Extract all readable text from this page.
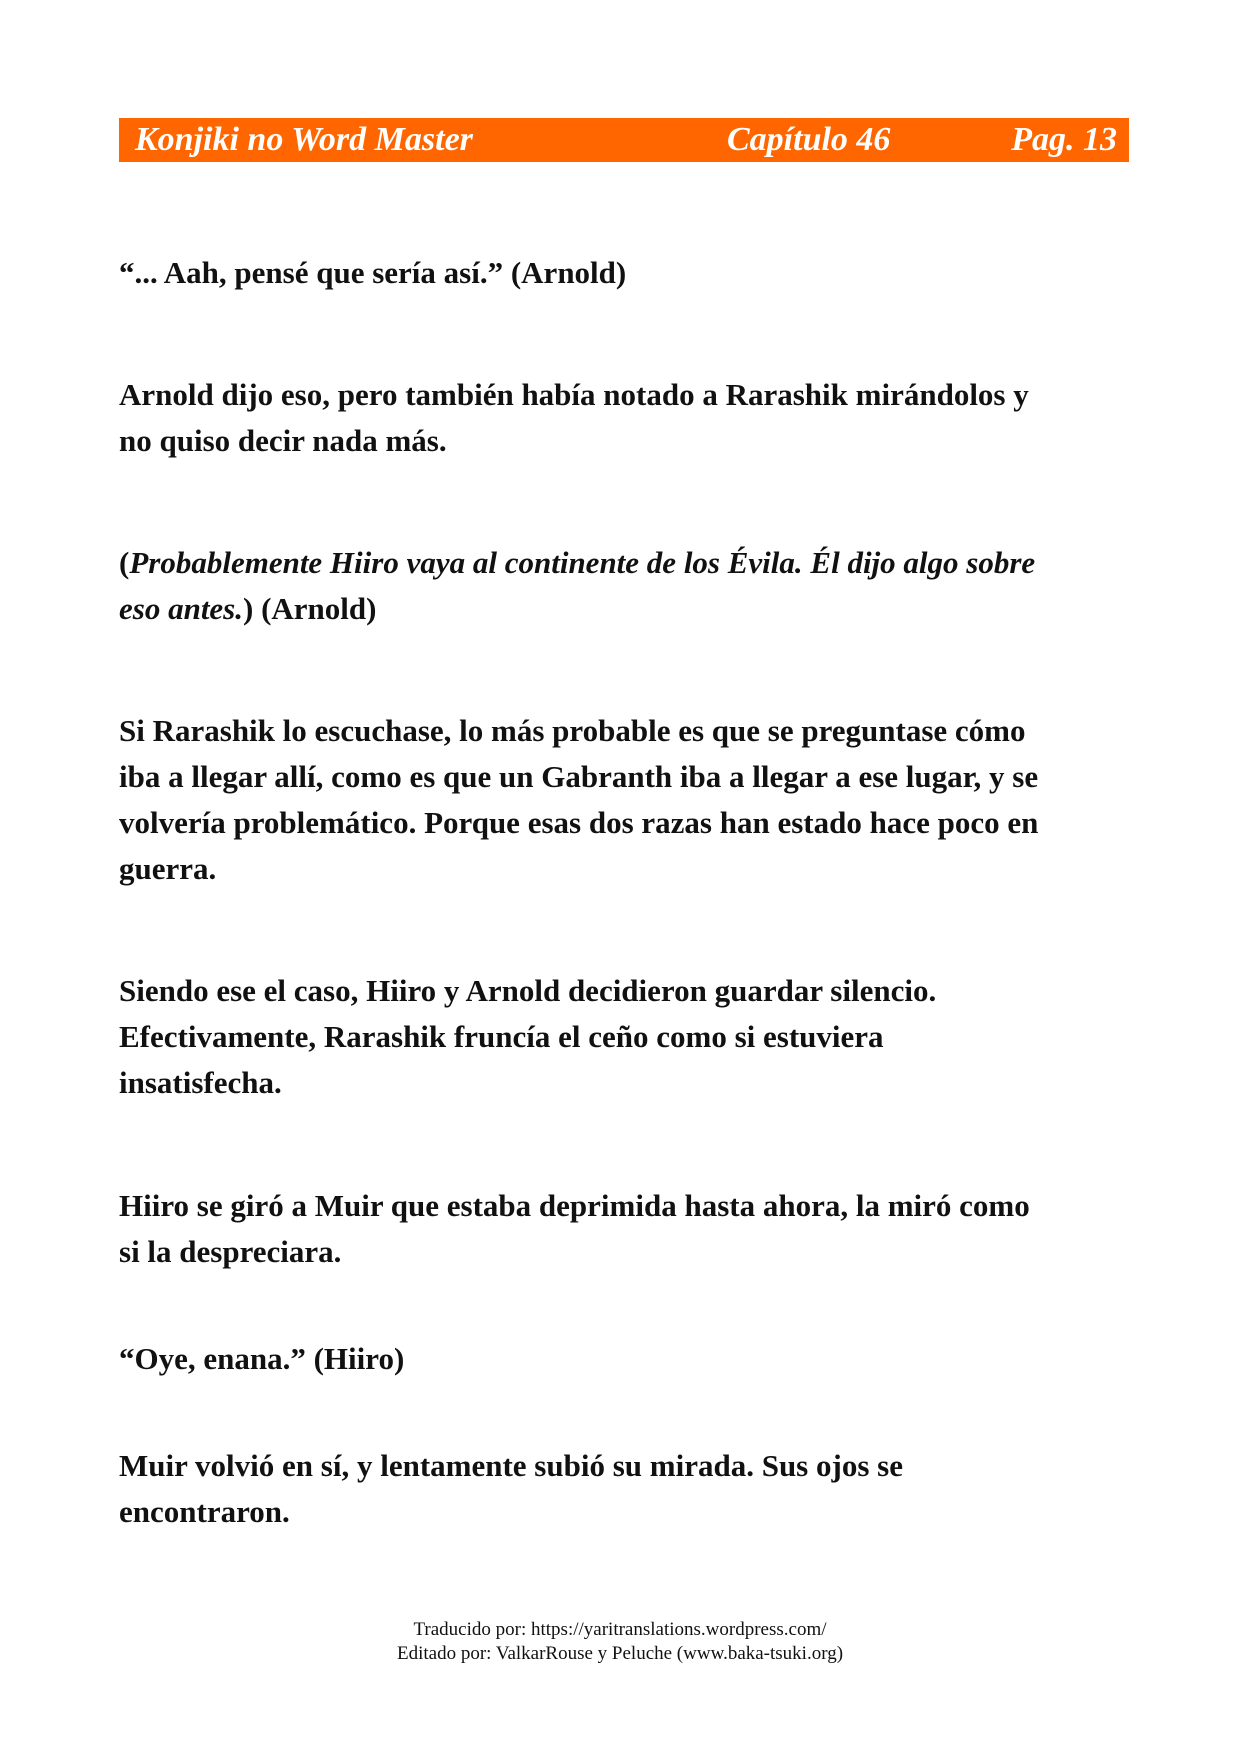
Konjiki no Word Master	Capítulo 46	Pag. 13

“... Aah, pensé que sería así.” (Arnold)

Arnold dijo eso, pero también había notado a Rarashik mirándolos y
no quiso decir nada más.

(Probablemente Hiiro vaya al continente de los Évila. Él dijo algo sobre
eso antes.) (Arnold)

Si Rarashik lo escuchase, lo más probable es que se preguntase cómo
iba a llegar allí, como es que un Gabranth iba a llegar a ese lugar, y se
volvería problemático. Porque esas dos razas han estado hace poco en
guerra.

Siendo ese el caso, Hiiro y Arnold decidieron guardar silencio.
Efectivamente, Rarashik fruncía el ceño como si estuviera
insatisfecha.

Hiiro se giró a Muir que estaba deprimida hasta ahora, la miró como
si la despreciara.

“Oye, enana.” (Hiiro)

Muir volvió en sí, y lentamente subió su mirada. Sus ojos se
encontraron.

Traducido por: https://yaritranslations.wordpress.com/
Editado por: ValkarRouse y Peluche (www.baka-tsuki.org)
